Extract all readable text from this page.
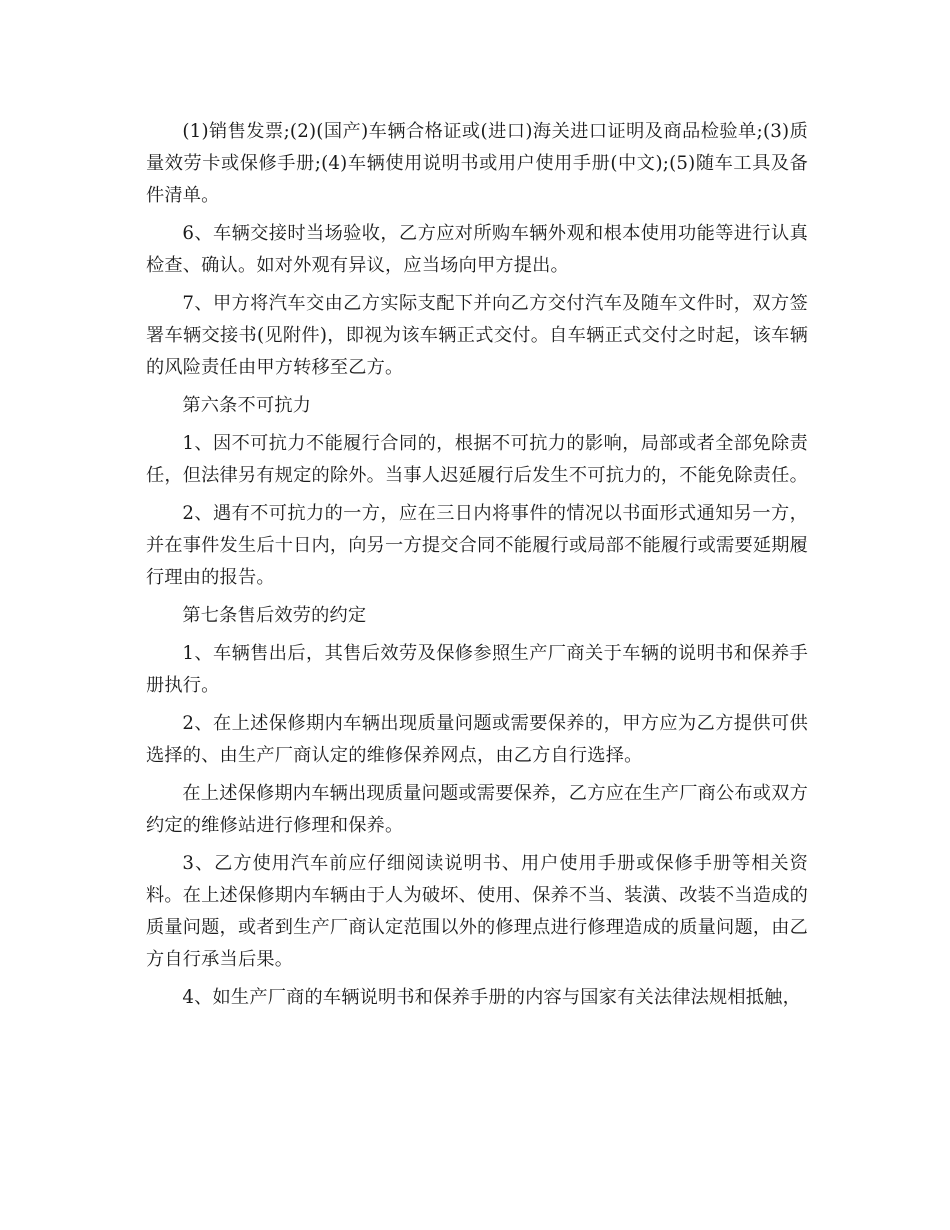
(1)销售发票;(2)(国产)车辆合格证或(进口)海关进口证明及商品检验单;(3)质量效劳卡或保修手册;(4)车辆使用说明书或用户使用手册(中文);(5)随车工具及备件清单。

6、车辆交接时当场验收，乙方应对所购车辆外观和根本使用功能等进行认真检查、确认。如对外观有异议，应当场向甲方提出。

7、甲方将汽车交由乙方实际支配下并向乙方交付汽车及随车文件时，双方签署车辆交接书(见附件)，即视为该车辆正式交付。自车辆正式交付之时起，该车辆的风险责任由甲方转移至乙方。

第六条不可抗力

1、因不可抗力不能履行合同的，根据不可抗力的影响，局部或者全部免除责任，但法律另有规定的除外。当事人迟延履行后发生不可抗力的，不能免除责任。

2、遇有不可抗力的一方，应在三日内将事件的情况以书面形式通知另一方，并在事件发生后十日内，向另一方提交合同不能履行或局部不能履行或需要延期履行理由的报告。

第七条售后效劳的约定

1、车辆售出后，其售后效劳及保修参照生产厂商关于车辆的说明书和保养手册执行。

2、在上述保修期内车辆出现质量问题或需要保养的，甲方应为乙方提供可供选择的、由生产厂商认定的维修保养网点，由乙方自行选择。

在上述保修期内车辆出现质量问题或需要保养，乙方应在生产厂商公布或双方约定的维修站进行修理和保养。

3、乙方使用汽车前应仔细阅读说明书、用户使用手册或保修手册等相关资料。在上述保修期内车辆由于人为破坏、使用、保养不当、装潢、改装不当造成的质量问题，或者到生产厂商认定范围以外的修理点进行修理造成的质量问题，由乙方自行承当后果。

4、如生产厂商的车辆说明书和保养手册的内容与国家有关法律法规相抵触，
